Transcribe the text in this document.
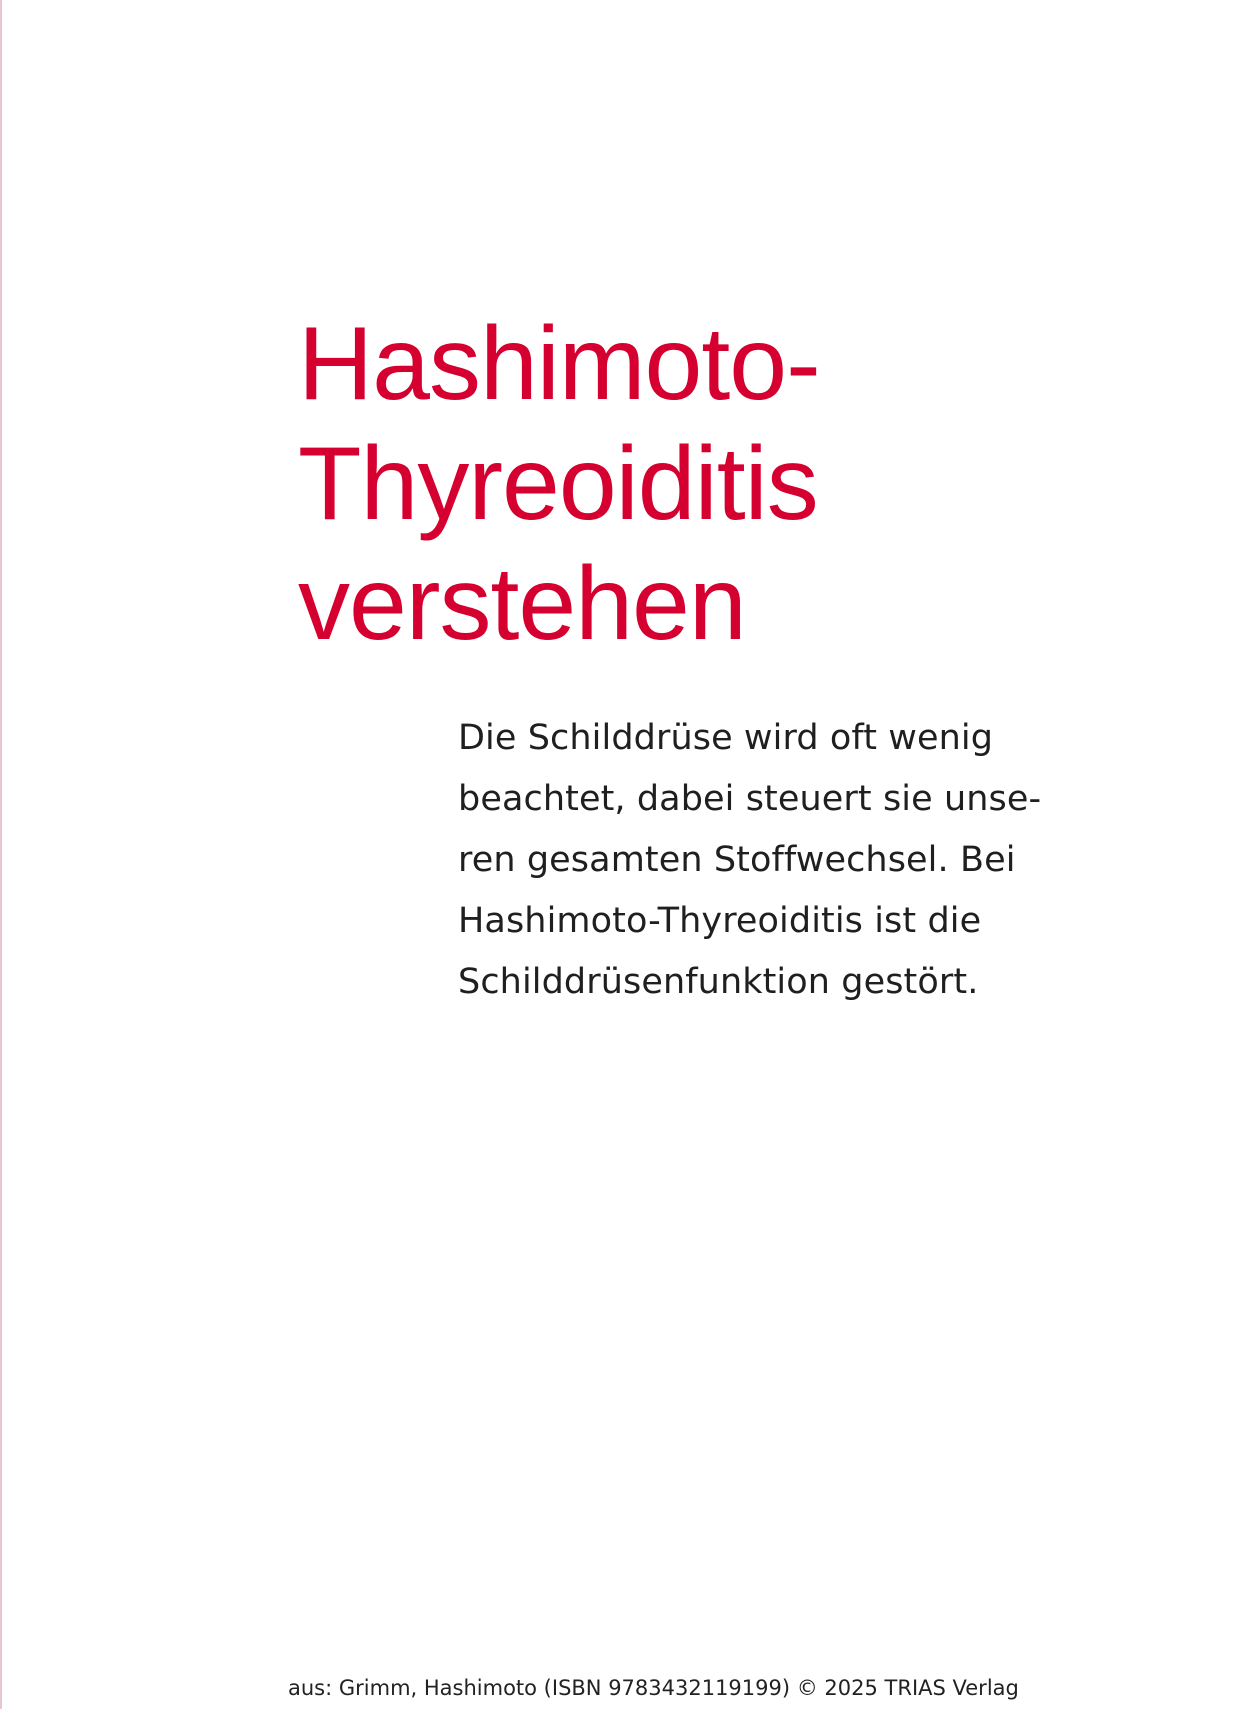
Hashimoto-
Thyreoiditis
verstehen

Die Schilddrüse wird oft wenig
beachtet, dabei steuert sie unse-
ren gesamten Stoffwechsel. Bei
Hashimoto-Thyreoiditis ist die
Schilddrüsenfunktion gestört.

aus: Grimm, Hashimoto (ISBN 9783432119199) © 2025 TRIAS Verlag
